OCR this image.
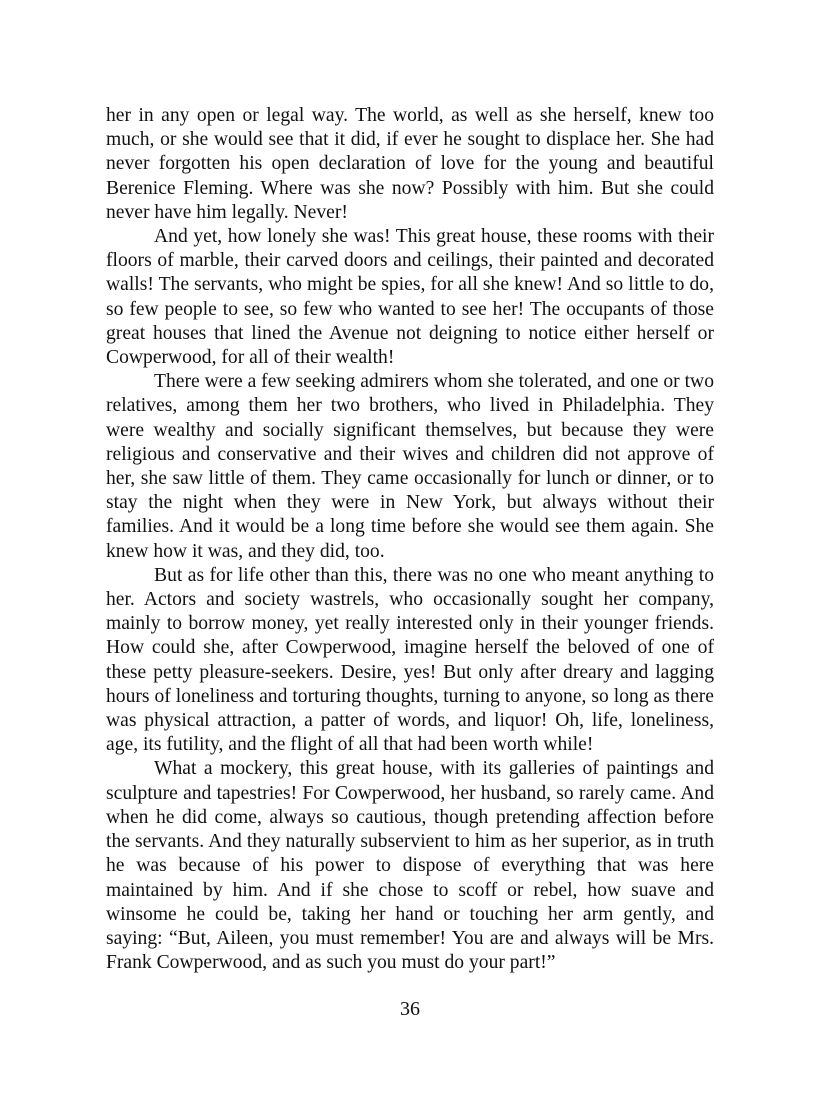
her in any open or legal way. The world, as well as she herself, knew too much, or she would see that it did, if ever he sought to displace her. She had never forgotten his open declaration of love for the young and beautiful Berenice Fleming. Where was she now? Possibly with him. But she could never have him legally. Never!

And yet, how lonely she was! This great house, these rooms with their floors of marble, their carved doors and ceilings, their painted and decorated walls! The servants, who might be spies, for all she knew! And so little to do, so few people to see, so few who wanted to see her! The occupants of those great houses that lined the Avenue not deigning to notice either herself or Cowperwood, for all of their wealth!

There were a few seeking admirers whom she tolerated, and one or two relatives, among them her two brothers, who lived in Philadelphia. They were wealthy and socially significant themselves, but because they were religious and conservative and their wives and children did not approve of her, she saw little of them. They came occasionally for lunch or dinner, or to stay the night when they were in New York, but always without their families. And it would be a long time before she would see them again. She knew how it was, and they did, too.

But as for life other than this, there was no one who meant anything to her. Actors and society wastrels, who occasionally sought her company, mainly to borrow money, yet really interested only in their younger friends. How could she, after Cowperwood, imagine herself the beloved of one of these petty pleasure-seekers. Desire, yes! But only after dreary and lagging hours of loneliness and torturing thoughts, turning to anyone, so long as there was physical attraction, a patter of words, and liquor! Oh, life, loneliness, age, its futility, and the flight of all that had been worth while!

What a mockery, this great house, with its galleries of paintings and sculpture and tapestries! For Cowperwood, her husband, so rarely came. And when he did come, always so cautious, though pretending affection before the servants. And they naturally subservient to him as her superior, as in truth he was because of his power to dispose of everything that was here maintained by him. And if she chose to scoff or rebel, how suave and winsome he could be, taking her hand or touching her arm gently, and saying: “But, Aileen, you must remember! You are and always will be Mrs. Frank Cowperwood, and as such you must do your part!”

36
